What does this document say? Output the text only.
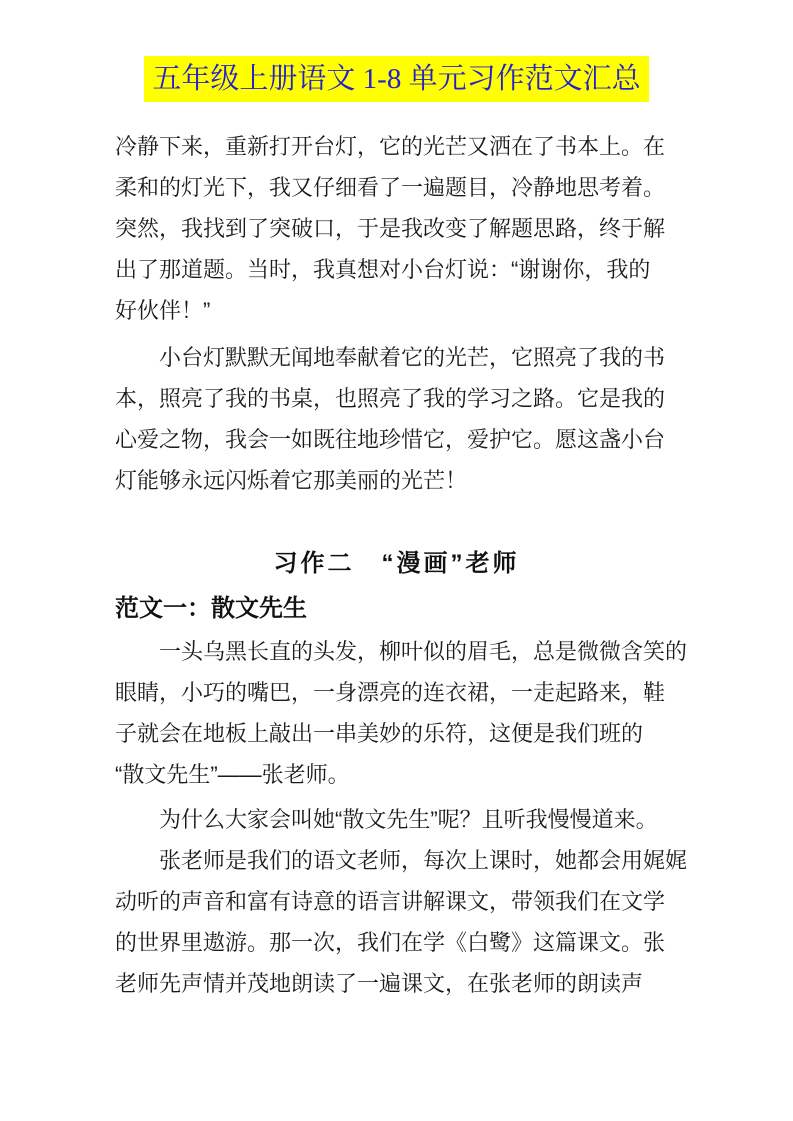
五年级上册语文 1-8 单元习作范文汇总
冷静下来，重新打开台灯，它的光芒又洒在了书本上。在
柔和的灯光下，我又仔细看了一遍题目，冷静地思考着。
突然，我找到了突破口，于是我改变了解题思路，终于解
出了那道题。当时，我真想对小台灯说：“谢谢你，我的
好伙伴！”
小台灯默默无闻地奉献着它的光芒，它照亮了我的书
本，照亮了我的书桌，也照亮了我的学习之路。它是我的
心爱之物，我会一如既往地珍惜它，爱护它。愿这盏小台
灯能够永远闪烁着它那美丽的光芒！
习作二　“漫画”老师
范文一：散文先生
一头乌黑长直的头发，柳叶似的眉毛，总是微微含笑的
眼睛，小巧的嘴巴，一身漂亮的连衣裙，一走起路来，鞋
子就会在地板上敲出一串美妙的乐符，这便是我们班的
“散文先生”——张老师。
为什么大家会叫她“散文先生”呢？且听我慢慢道来。
张老师是我们的语文老师，每次上课时，她都会用娓娓
动听的声音和富有诗意的语言讲解课文，带领我们在文学
的世界里遨游。那一次，我们在学《白鹭》这篇课文。张
老师先声情并茂地朗读了一遍课文，在张老师的朗读声
